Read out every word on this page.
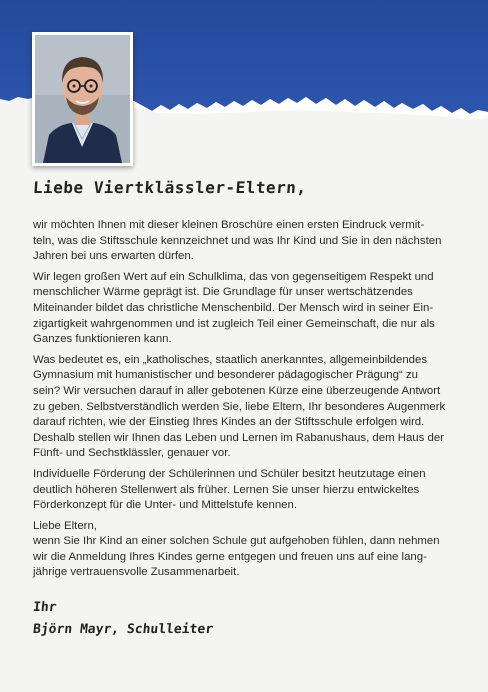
Liebe Viertklässler-Eltern,

wir möchten Ihnen mit dieser kleinen Broschüre einen ersten Eindruck vermit-
teln, was die Stiftsschule kennzeichnet und was Ihr Kind und Sie in den nächsten
Jahren bei uns erwarten dürfen.

Wir legen großen Wert auf ein Schulklima, das von gegenseitigem Respekt und
menschlicher Wärme geprägt ist. Die Grundlage für unser wertschätzendes
Miteinander bildet das christliche Menschenbild. Der Mensch wird in seiner Ein-
zigartigkeit wahrgenommen und ist zugleich Teil einer Gemeinschaft, die nur als
Ganzes funktionieren kann.

Was bedeutet es, ein „katholisches, staatlich anerkanntes, allgemeinbildendes
Gymnasium mit humanistischer und besonderer pädagogischer Prägung“ zu
sein? Wir versuchen darauf in aller gebotenen Kürze eine überzeugende Antwort
zu geben. Selbstverständlich werden Sie, liebe Eltern, Ihr besonderes Augenmerk
darauf richten, wie der Einstieg Ihres Kindes an der Stiftsschule erfolgen wird.
Deshalb stellen wir Ihnen das Leben und Lernen im Rabanushaus, dem Haus der
Fünft- und Sechstklässler, genauer vor.

Individuelle Förderung der Schülerinnen und Schüler besitzt heutzutage einen
deutlich höheren Stellenwert als früher. Lernen Sie unser hierzu entwickeltes
Förderkonzept für die Unter- und Mittelstufe kennen.

Liebe Eltern,

wenn Sie Ihr Kind an einer solchen Schule gut aufgehoben fühlen, dann nehmen
wir die Anmeldung Ihres Kindes gerne entgegen und freuen uns auf eine lang-
jährige vertrauensvolle Zusammenarbeit.

Ihr
Björn Mayr, Schulleiter
